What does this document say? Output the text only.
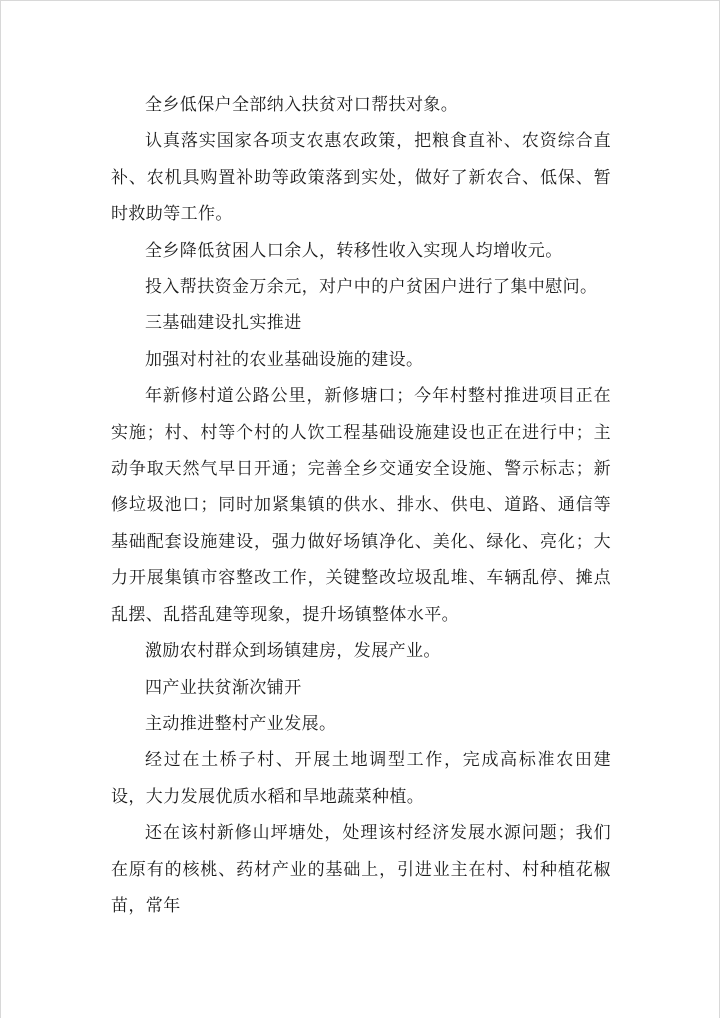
全乡低保户全部纳入扶贫对口帮扶对象。

认真落实国家各项支农惠农政策，把粮食直补、农资综合直补、农机具购置补助等政策落到实处，做好了新农合、低保、暂时救助等工作。

全乡降低贫困人口余人，转移性收入实现人均增收元。

投入帮扶资金万余元，对户中的户贫困户进行了集中慰问。

三基础建设扎实推进

加强对村社的农业基础设施的建设。

年新修村道公路公里，新修塘口；今年村整村推进项目正在实施；村、村等个村的人饮工程基础设施建设也正在进行中；主动争取天然气早日开通；完善全乡交通安全设施、警示标志；新修垃圾池口；同时加紧集镇的供水、排水、供电、道路、通信等基础配套设施建设，强力做好场镇净化、美化、绿化、亮化；大力开展集镇市容整改工作，关键整改垃圾乱堆、车辆乱停、摊点乱摆、乱搭乱建等现象，提升场镇整体水平。

激励农村群众到场镇建房，发展产业。

四产业扶贫渐次铺开

主动推进整村产业发展。

经过在土桥子村、开展土地调型工作，完成高标准农田建设，大力发展优质水稻和旱地蔬菜种植。

还在该村新修山坪塘处，处理该村经济发展水源问题；我们在原有的核桃、药材产业的基础上，引进业主在村、村种植花椒苗，常年
